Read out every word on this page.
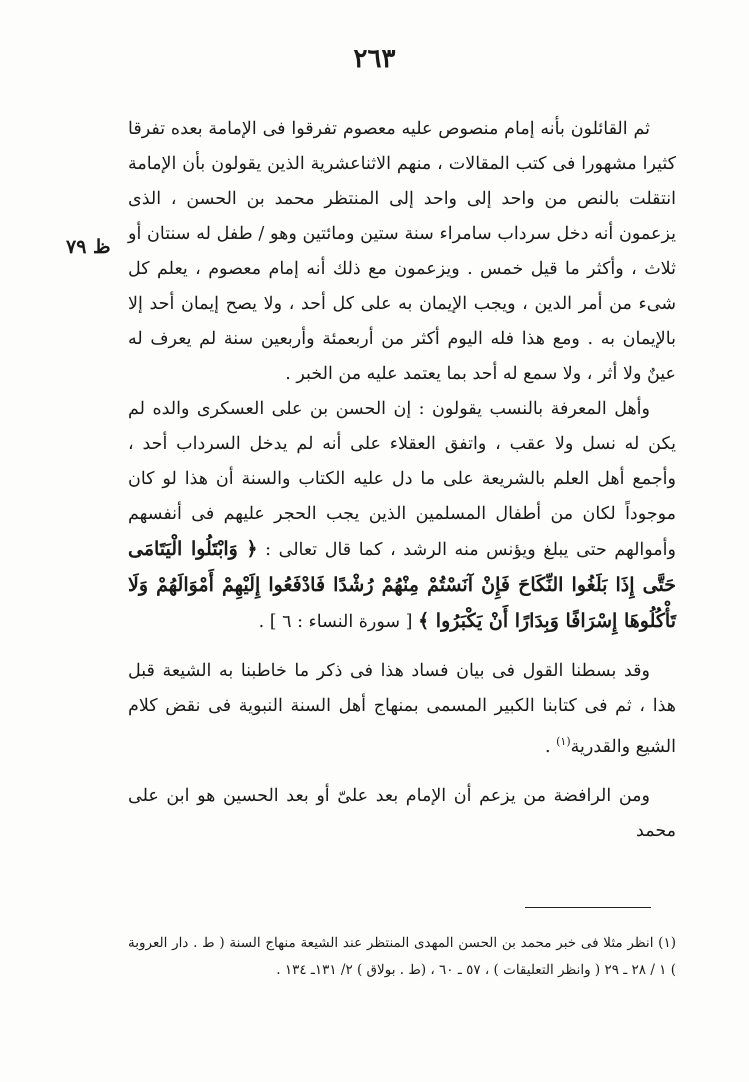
٢٦٣
ظ ٧٩

ثم القائلون بأنه إمام منصوص عليه معصوم تفرقوا فى الإمامة بعده تفرقا كثيرا مشهورا فى كتب المقالات ، منهم الاثناعشرية الذين يقولون بأن الإمامة انتقلت بالنص من واحد إلى واحد إلى المنتظر محمد بن الحسن ، الذى يزعمون أنه دخل سرداب سامراء سنة ستين ومائتين وهو / طفل له سنتان أو ثلاث ، وأكثر ما قيل خمس . ويزعمون مع ذلك أنه إمام معصوم ، يعلم كل شىء من أمر الدين ، ويجب الإيمان به على كل أحد ، ولا يصح إيمان أحد إلا بالإيمان به . ومع هذا فله اليوم أكثر من أربعمئة وأربعين سنة لم يعرف له عينٌ ولا أثر ، ولا سمع له أحد بما يعتمد عليه من الخبر .

وأهل المعرفة بالنسب يقولون : إن الحسن بن على العسكرى والده لم يكن له نسل ولا عقب ، واتفق العقلاء على أنه لم يدخل السرداب أحد ، وأجمع أهل العلم بالشريعة على ما دل عليه الكتاب والسنة أن هذا لو كان موجوداً لكان من أطفال المسلمين الذين يجب الحجر عليهم فى أنفسهم وأموالهم حتى يبلغ ويؤنس منه الرشد ، كما قال تعالى : ﴿ وَابْتَلُوا الْيَتَامَى حَتَّى إِذَا بَلَغُوا النِّكَاحَ فَإِنْ آنَسْتُمْ مِنْهُمْ رُشْدًا فَادْفَعُوا إِلَيْهِمْ أَمْوَالَهُمْ وَلَا تَأْكُلُوهَا إِسْرَافًا وَبِدَارًا أَنْ يَكْبَرُوا ﴾ [ سورة النساء : ٦ ] .

وقد بسطنا القول فى بيان فساد هذا فى ذكر ما خاطبنا به الشيعة قبل هذا ، ثم فى كتابنا الكبير المسمى بمنهاج أهل السنة النبوية فى نقض كلام الشيع والقدرية$^{(١)}$ .

ومن الرافضة من يزعم أن الإمام بعد علىّ أو بعد الحسين هو ابن على محمد

(١) انظر مثلا فى خبر محمد بن الحسن المهدى المنتظر عند الشيعة منهاج السنة ( ط . دار العروبة ) ١ / ٢٨ ـ ٢٩ ( وانظر التعليقات ) ، ٥٧ ـ ٦٠ ، (ط . بولاق ) ٢/ ١٣١ـ ١٣٤ .
